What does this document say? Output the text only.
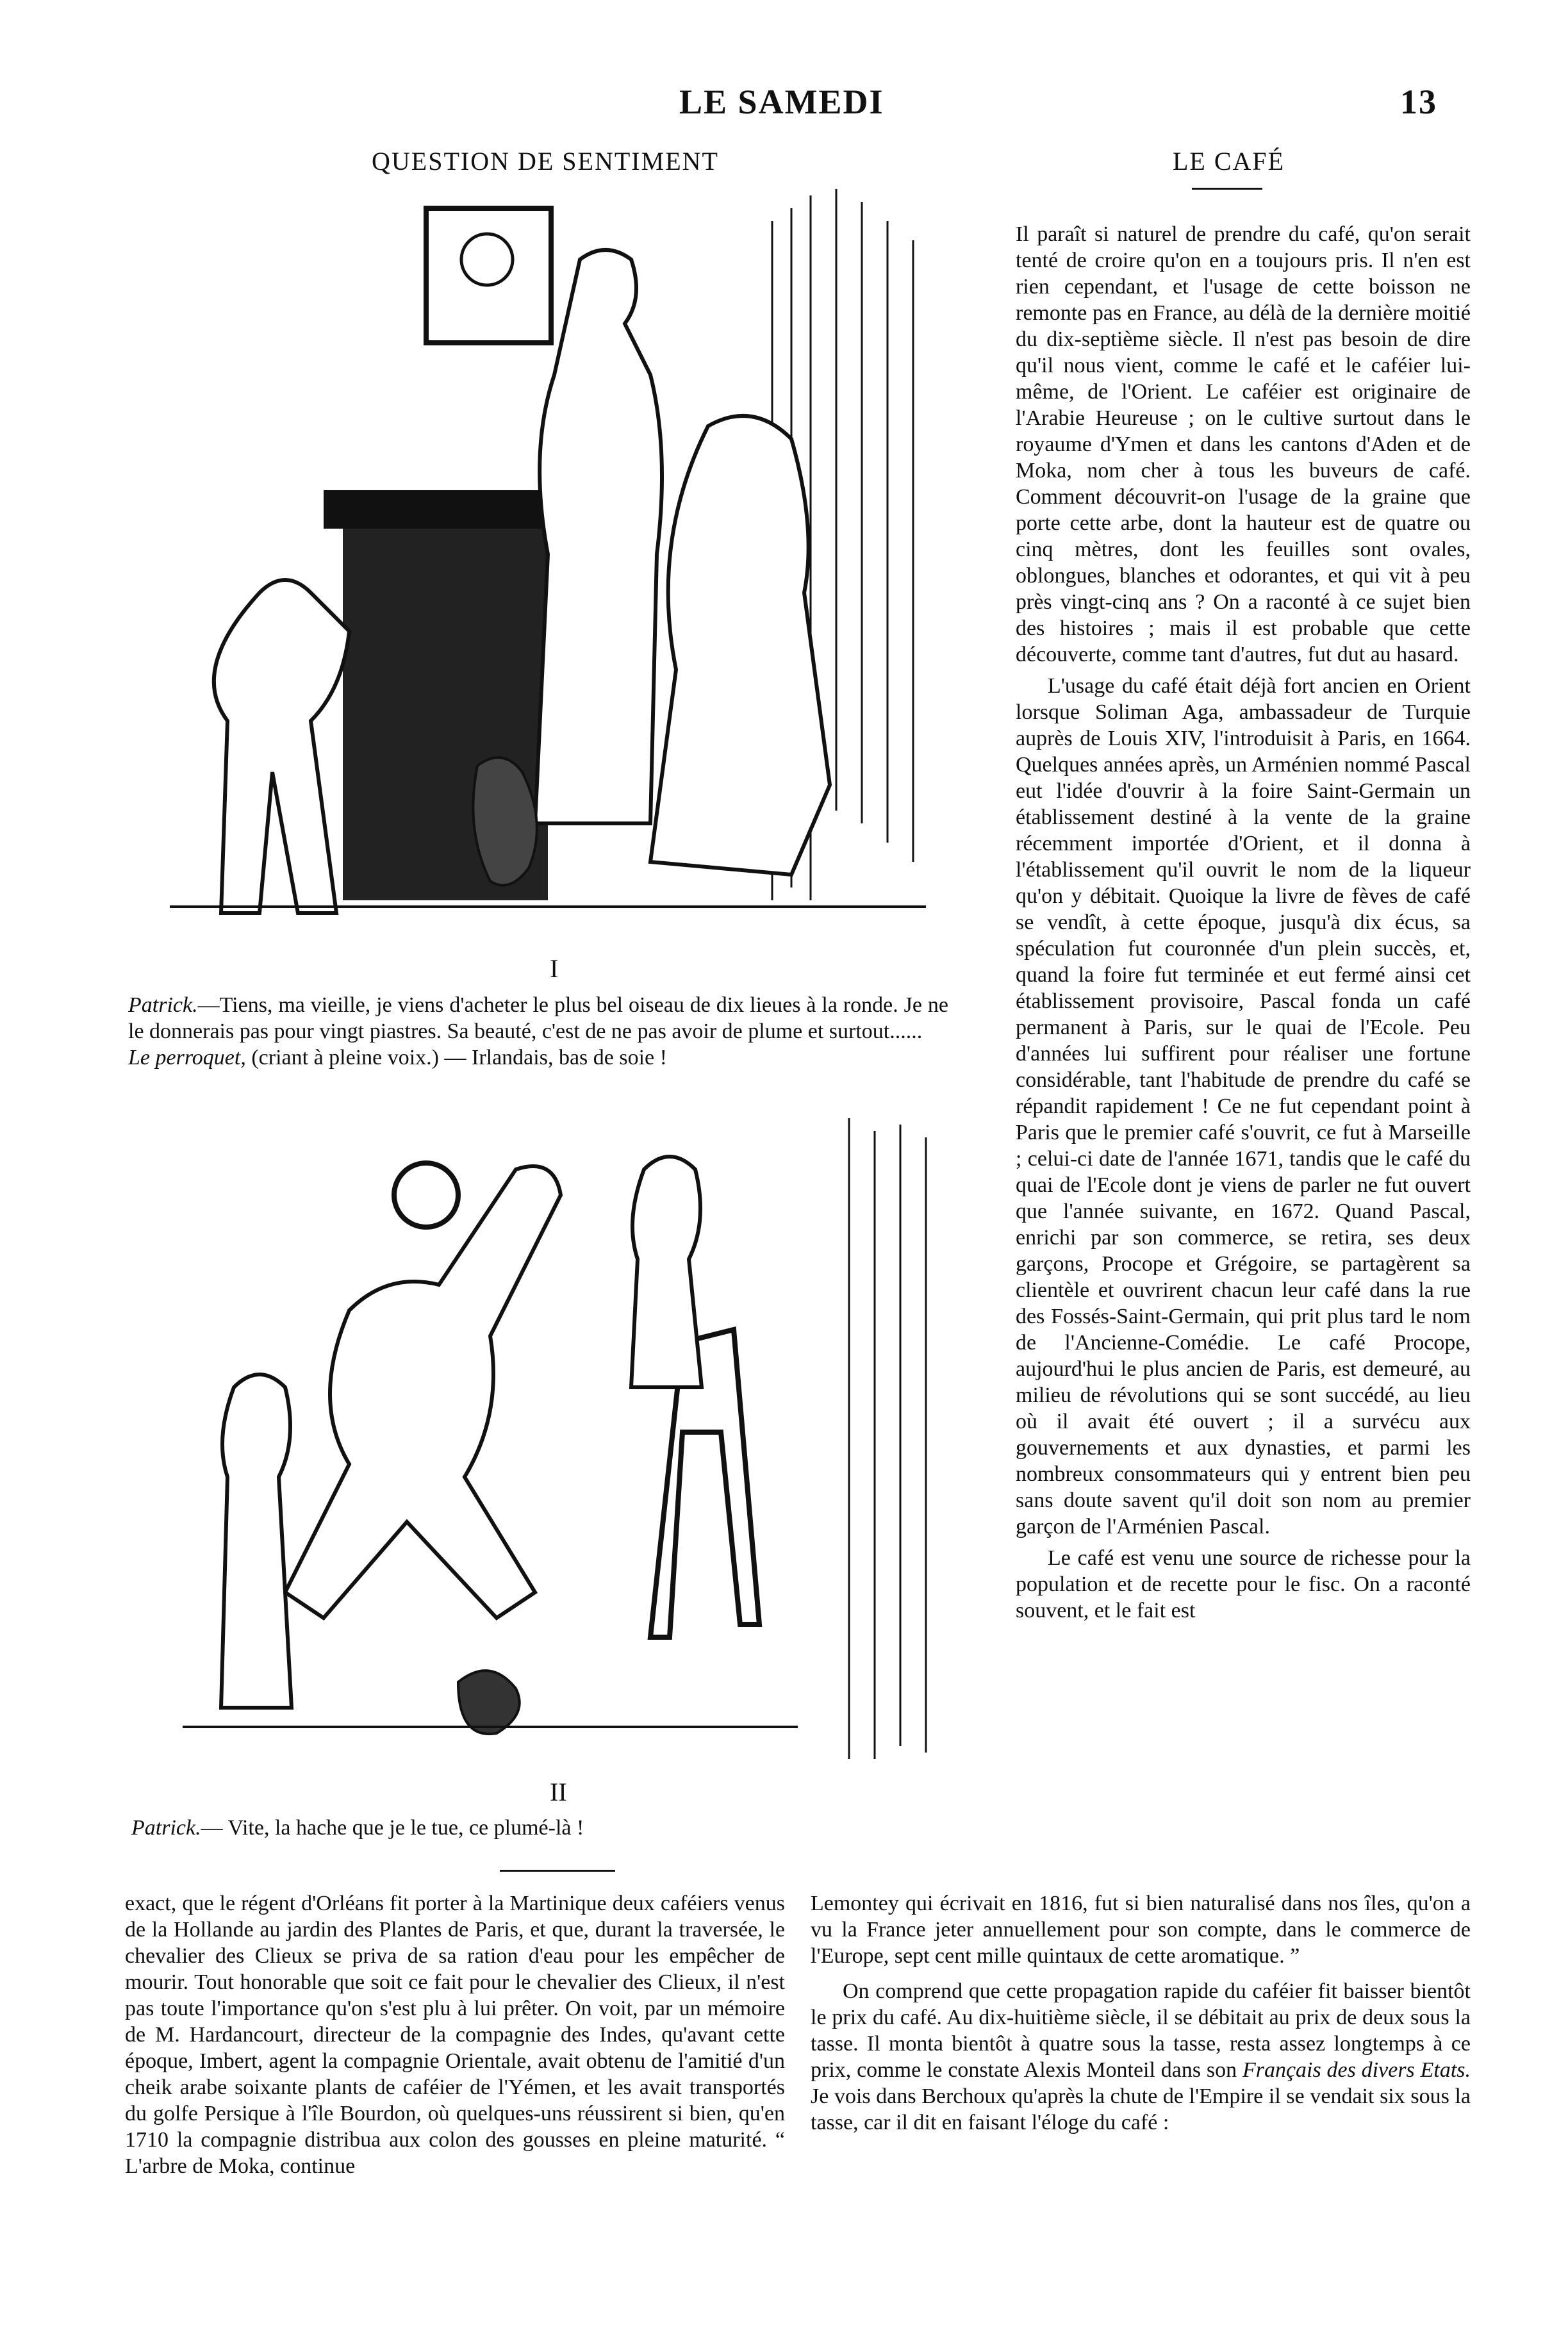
LE SAMEDI	13
QUESTION DE SENTIMENT
I
Patrick.—Tiens, ma vieille, je viens d'acheter le plus bel oiseau de dix lieues à la ronde. Je ne le donnerais pas pour vingt piastres. Sa beauté, c'est de ne pas avoir de plume et surtout......
Le perroquet, (criant à pleine voix.) — Irlandais, bas de soie !
II
Patrick.— Vite, la hache que je le tue, ce plumé-là !
LE CAFÉ

Il paraît si naturel de prendre du café, qu'on serait tenté de croire qu'on en a toujours pris. Il n'en est rien cependant, et l'usage de cette boisson ne remonte pas en France, au délà de la dernière moitié du dix-septième siècle. Il n'est pas besoin de dire qu'il nous vient, comme le café et le caféier lui-même, de l'Orient. Le caféier est originaire de l'Arabie Heureuse ; on le cultive surtout dans le royaume d'Ymen et dans les cantons d'Aden et de Moka, nom cher à tous les buveurs de café. Comment découvrit-on l'usage de la graine que porte cette arbe, dont la hauteur est de quatre ou cinq mètres, dont les feuilles sont ovales, oblongues, blanches et odorantes, et qui vit à peu près vingt-cinq ans ? On a raconté à ce sujet bien des histoires ; mais il est probable que cette découverte, comme tant d'autres, fut dut au hasard.

L'usage du café était déjà fort ancien en Orient lorsque Soliman Aga, ambassadeur de Turquie auprès de Louis XIV, l'introduisit à Paris, en 1664. Quelques années après, un Arménien nommé Pascal eut l'idée d'ouvrir à la foire Saint-Germain un établissement destiné à la vente de la graine récemment importée d'Orient, et il donna à l'établissement qu'il ouvrit le nom de la liqueur qu'on y débitait. Quoique la livre de fèves de café se vendît, à cette époque, jusqu'à dix écus, sa spéculation fut couronnée d'un plein succès, et, quand la foire fut terminée et eut fermé ainsi cet établissement provisoire, Pascal fonda un café permanent à Paris, sur le quai de l'Ecole. Peu d'années lui suffirent pour réaliser une fortune considérable, tant l'habitude de prendre du café se répandit rapidement ! Ce ne fut cependant point à Paris que le premier café s'ouvrit, ce fut à Marseille ; celui-ci date de l'année 1671, tandis que le café du quai de l'Ecole dont je viens de parler ne fut ouvert que l'année suivante, en 1672. Quand Pascal, enrichi par son commerce, se retira, ses deux garçons, Procope et Grégoire, se partagèrent sa clientèle et ouvrirent chacun leur café dans la rue des Fossés-Saint-Germain, qui prit plus tard le nom de l'Ancienne-Comédie. Le café Procope, aujourd'hui le plus ancien de Paris, est demeuré, au milieu de révolutions qui se sont succédé, au lieu où il avait été ouvert ; il a survécu aux gouvernements et aux dynasties, et parmi les nombreux consommateurs qui y entrent bien peu sans doute savent qu'il doit son nom au premier garçon de l'Arménien Pascal.

Le café est venu une source de richesse pour la population et de recette pour le fisc. On a raconté souvent, et le fait est

exact, que le régent d'Orléans fit porter à la Martinique deux caféiers venus de la Hollande au jardin des Plantes de Paris, et que, durant la traversée, le chevalier des Clieux se priva de sa ration d'eau pour les empêcher de mourir. Tout honorable que soit ce fait pour le chevalier des Clieux, il n'est pas toute l'importance qu'on s'est plu à lui prêter. On voit, par un mémoire de M. Hardancourt, directeur de la compagnie des Indes, qu'avant cette époque, Imbert, agent la compagnie Orientale, avait obtenu de l'amitié d'un cheik arabe soixante plants de caféier de l'Yémen, et les avait transportés du golfe Persique à l'île Bourdon, où quelques-uns réussirent si bien, qu'en 1710 la compagnie distribua aux colon des gousses en pleine maturité. “ L'arbre de Moka, continue

Lemontey qui écrivait en 1816, fut si bien naturalisé dans nos îles, qu'on a vu la France jeter annuellement pour son compte, dans le commerce de l'Europe, sept cent mille quintaux de cette aromatique. ”

On comprend que cette propagation rapide du caféier fit baisser bientôt le prix du café. Au dix-huitième siècle, il se débitait au prix de deux sous la tasse. Il monta bientôt à quatre sous la tasse, resta assez longtemps à ce prix, comme le constate Alexis Monteil dans son Français des divers Etats. Je vois dans Berchoux qu'après la chute de l'Empire il se vendait six sous la tasse, car il dit en faisant l'éloge du café :
